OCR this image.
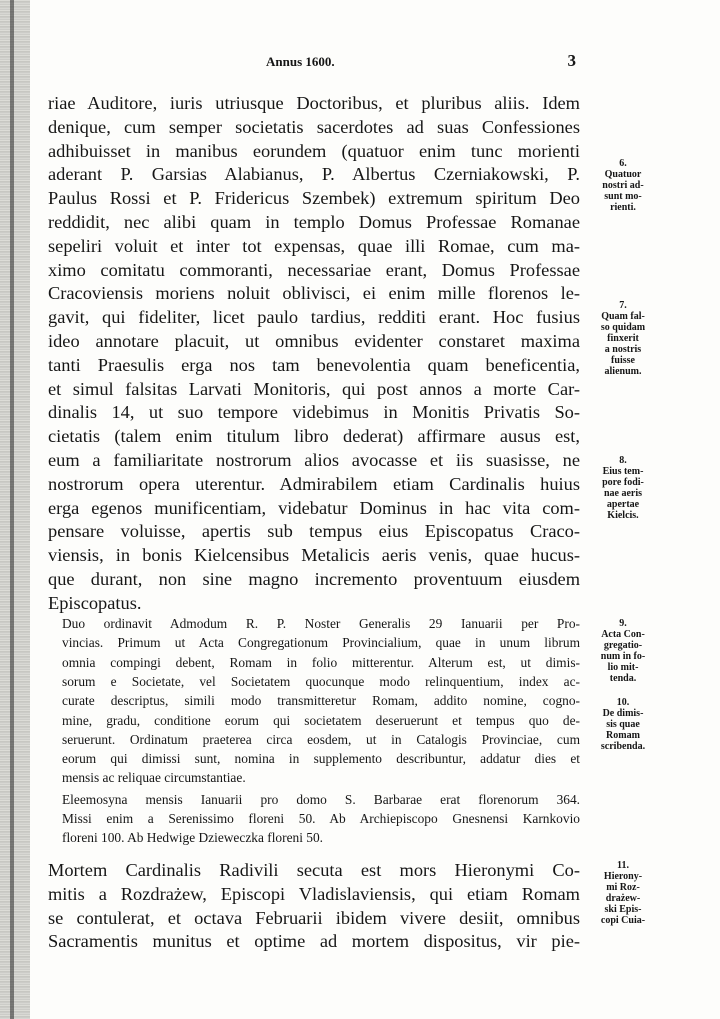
Annus 1600.	3
riae Auditore, iuris utriusque Doctoribus, et pluribus aliis. Idem
denique, cum semper societatis sacerdotes ad suas Confessiones
adhibuisset in manibus eorundem (quatuor enim tunc morienti
aderant P. Garsias Alabianus, P. Albertus Czerniakowski, P.
Paulus Rossi et P. Fridericus Szembek) extremum spiritum Deo
reddidit, nec alibi quam in templo Domus Professae Romanae
sepeliri voluit et inter tot expensas, quae illi Romae, cum ma-
ximo comitatu commoranti, necessariae erant, Domus Professae
Cracoviensis moriens noluit oblivisci, ei enim mille florenos le-
gavit, qui fideliter, licet paulo tardius, redditi erant. Hoc fusius
ideo annotare placuit, ut omnibus evidenter constaret maxima
tanti Praesulis erga nos tam benevolentia quam beneficentia,
et simul falsitas Larvati Monitoris, qui post annos a morte Car-
dinalis 14, ut suo tempore videbimus in Monitis Privatis So-
cietatis (talem enim titulum libro dederat) affirmare ausus est,
eum a familiaritate nostrorum alios avocasse et iis suasisse, ne
nostrorum opera uterentur. Admirabilem etiam Cardinalis huius
erga egenos munificentiam, videbatur Dominus in hac vita com-
pensare voluisse, apertis sub tempus eius Episcopatus Craco-
viensis, in bonis Kielcensibus Metalicis aeris venis, quae hucus-
que durant, non sine magno incremento proventuum eiusdem
Episcopatus.
Duo ordinavit Admodum R. P. Noster Generalis 29 Ianuarii per Pro-
vincias. Primum ut Acta Congregationum Provincialium, quae in unum librum
omnia compingi debent, Romam in folio mitterentur. Alterum est, ut dimis-
sorum e Societate, vel Societatem quocunque modo relinquentium, index ac-
curate descriptus, simili modo transmitteretur Romam, addito nomine, cogno-
mine, gradu, conditione eorum qui societatem deseruerunt et tempus quo de-
seruerunt. Ordinatum praeterea circa eosdem, ut in Catalogis Provinciae, cum
eorum qui dimissi sunt, nomina in supplemento describuntur, addatur dies et
mensis ac reliquae circumstantiae.
Eleemosyna mensis Ianuarii pro domo S. Barbarae erat florenorum 364.
Missi enim a Serenissimo floreni 50. Ab Archiepiscopo Gnesnensi Karnkovio
floreni 100. Ab Hedwige Dzieweczka floreni 50.
Mortem Cardinalis Radivili secuta est mors Hieronymi Co-
mitis a Rozdrażew, Episcopi Vladislaviensis, qui etiam Romam
se contulerat, et octava Februarii ibidem vivere desiit, omnibus
Sacramentis munitus et optime ad mortem dispositus, vir pie-
6.
Quatuor
nostri ad-
sunt mo-
rienti.
7.
Quam fal-
so quidam
finxerit
a nostris
fuisse
alienum.
8.
Eius tem-
pore fodi-
nae aeris
apertae
Kielcis.
9.
Acta Con-
gregatio-
num in fo-
lio mit-
tenda.
10.
De dimis-
sis quae
Romam
scribenda.
11.
Hierony-
mi Roz-
drażew-
ski Epis-
copi Cuia-
